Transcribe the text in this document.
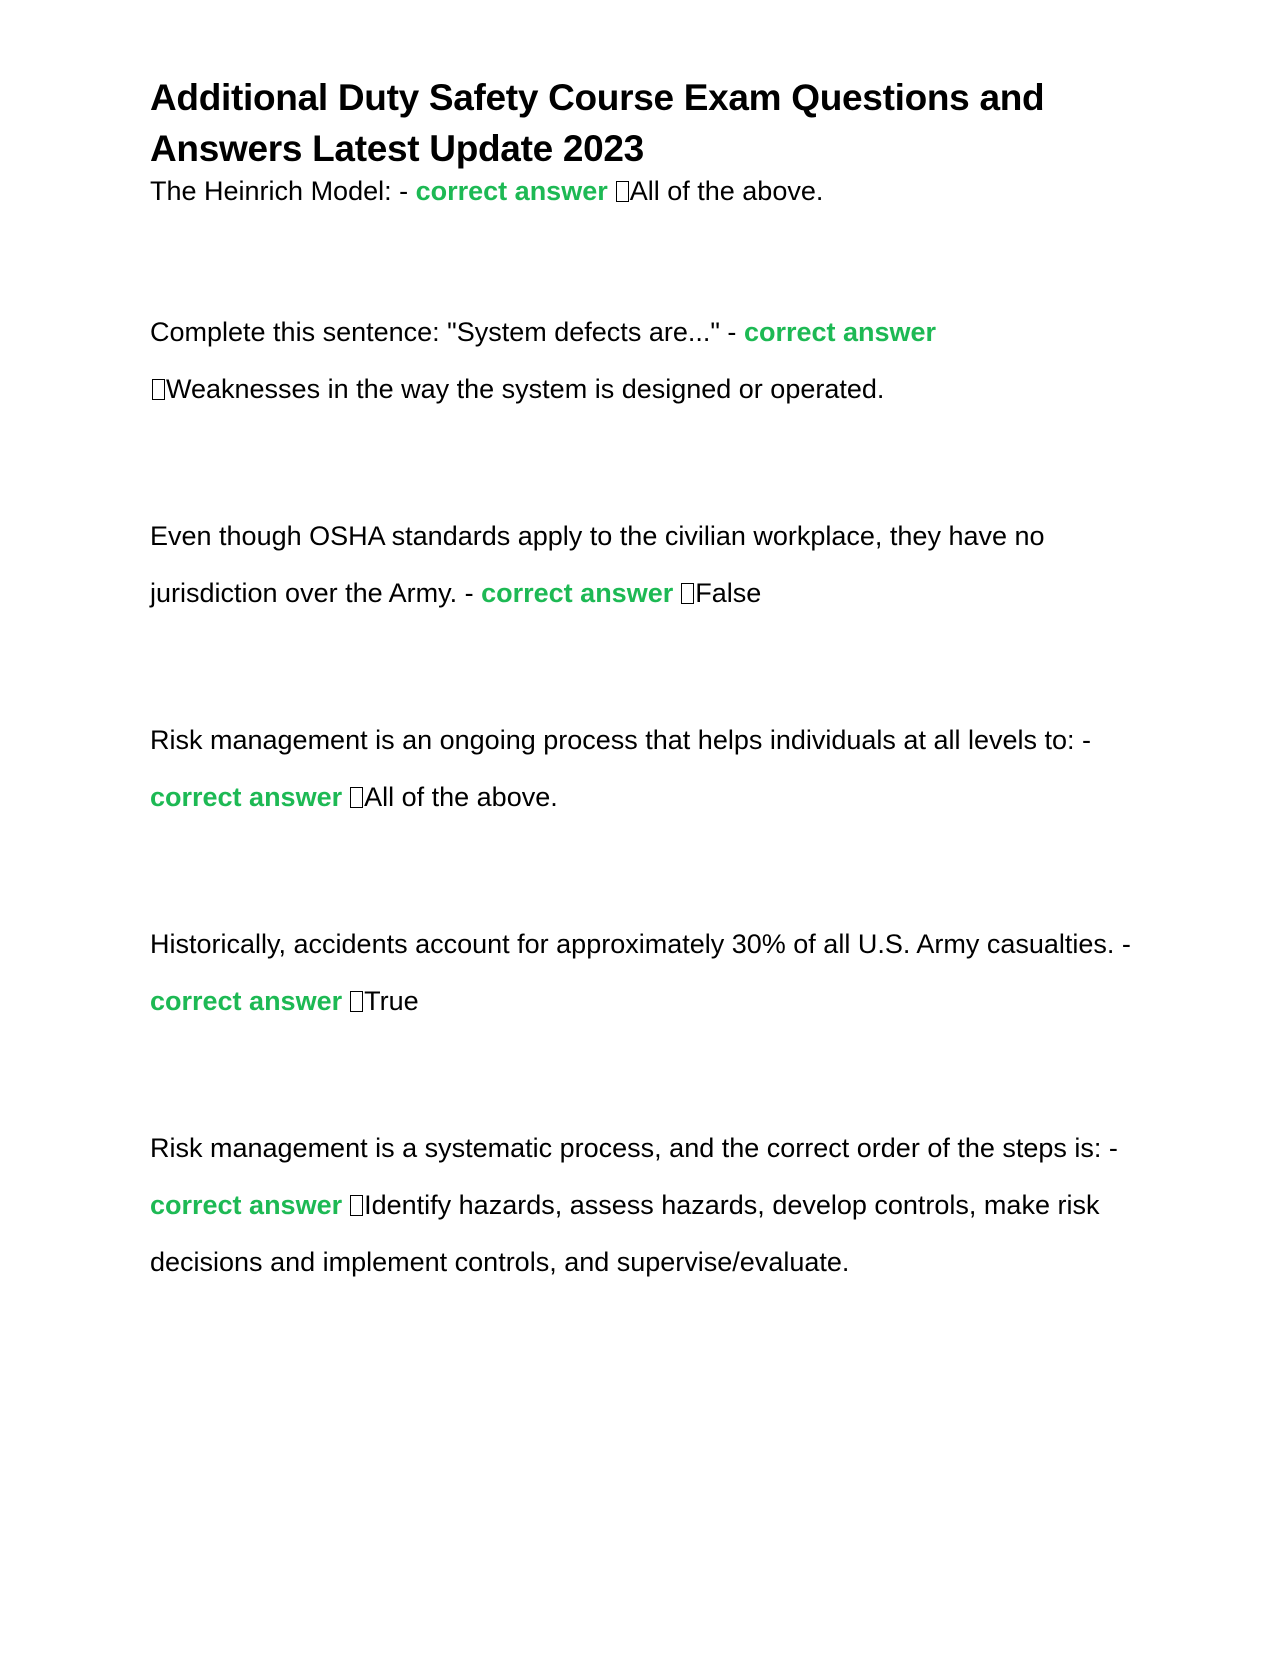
Additional Duty Safety Course Exam Questions and Answers Latest Update 2023

The Heinrich Model: - correct answer All of the above.

Complete this sentence: "System defects are..." - correct answer
Weaknesses in the way the system is designed or operated.

Even though OSHA standards apply to the civilian workplace, they have no jurisdiction over the Army. - correct answer False

Risk management is an ongoing process that helps individuals at all levels to: - correct answer All of the above.

Historically, accidents account for approximately 30% of all U.S. Army casualties. - correct answer True

Risk management is a systematic process, and the correct order of the steps is: - correct answer Identify hazards, assess hazards, develop controls, make risk decisions and implement controls, and supervise/evaluate.
